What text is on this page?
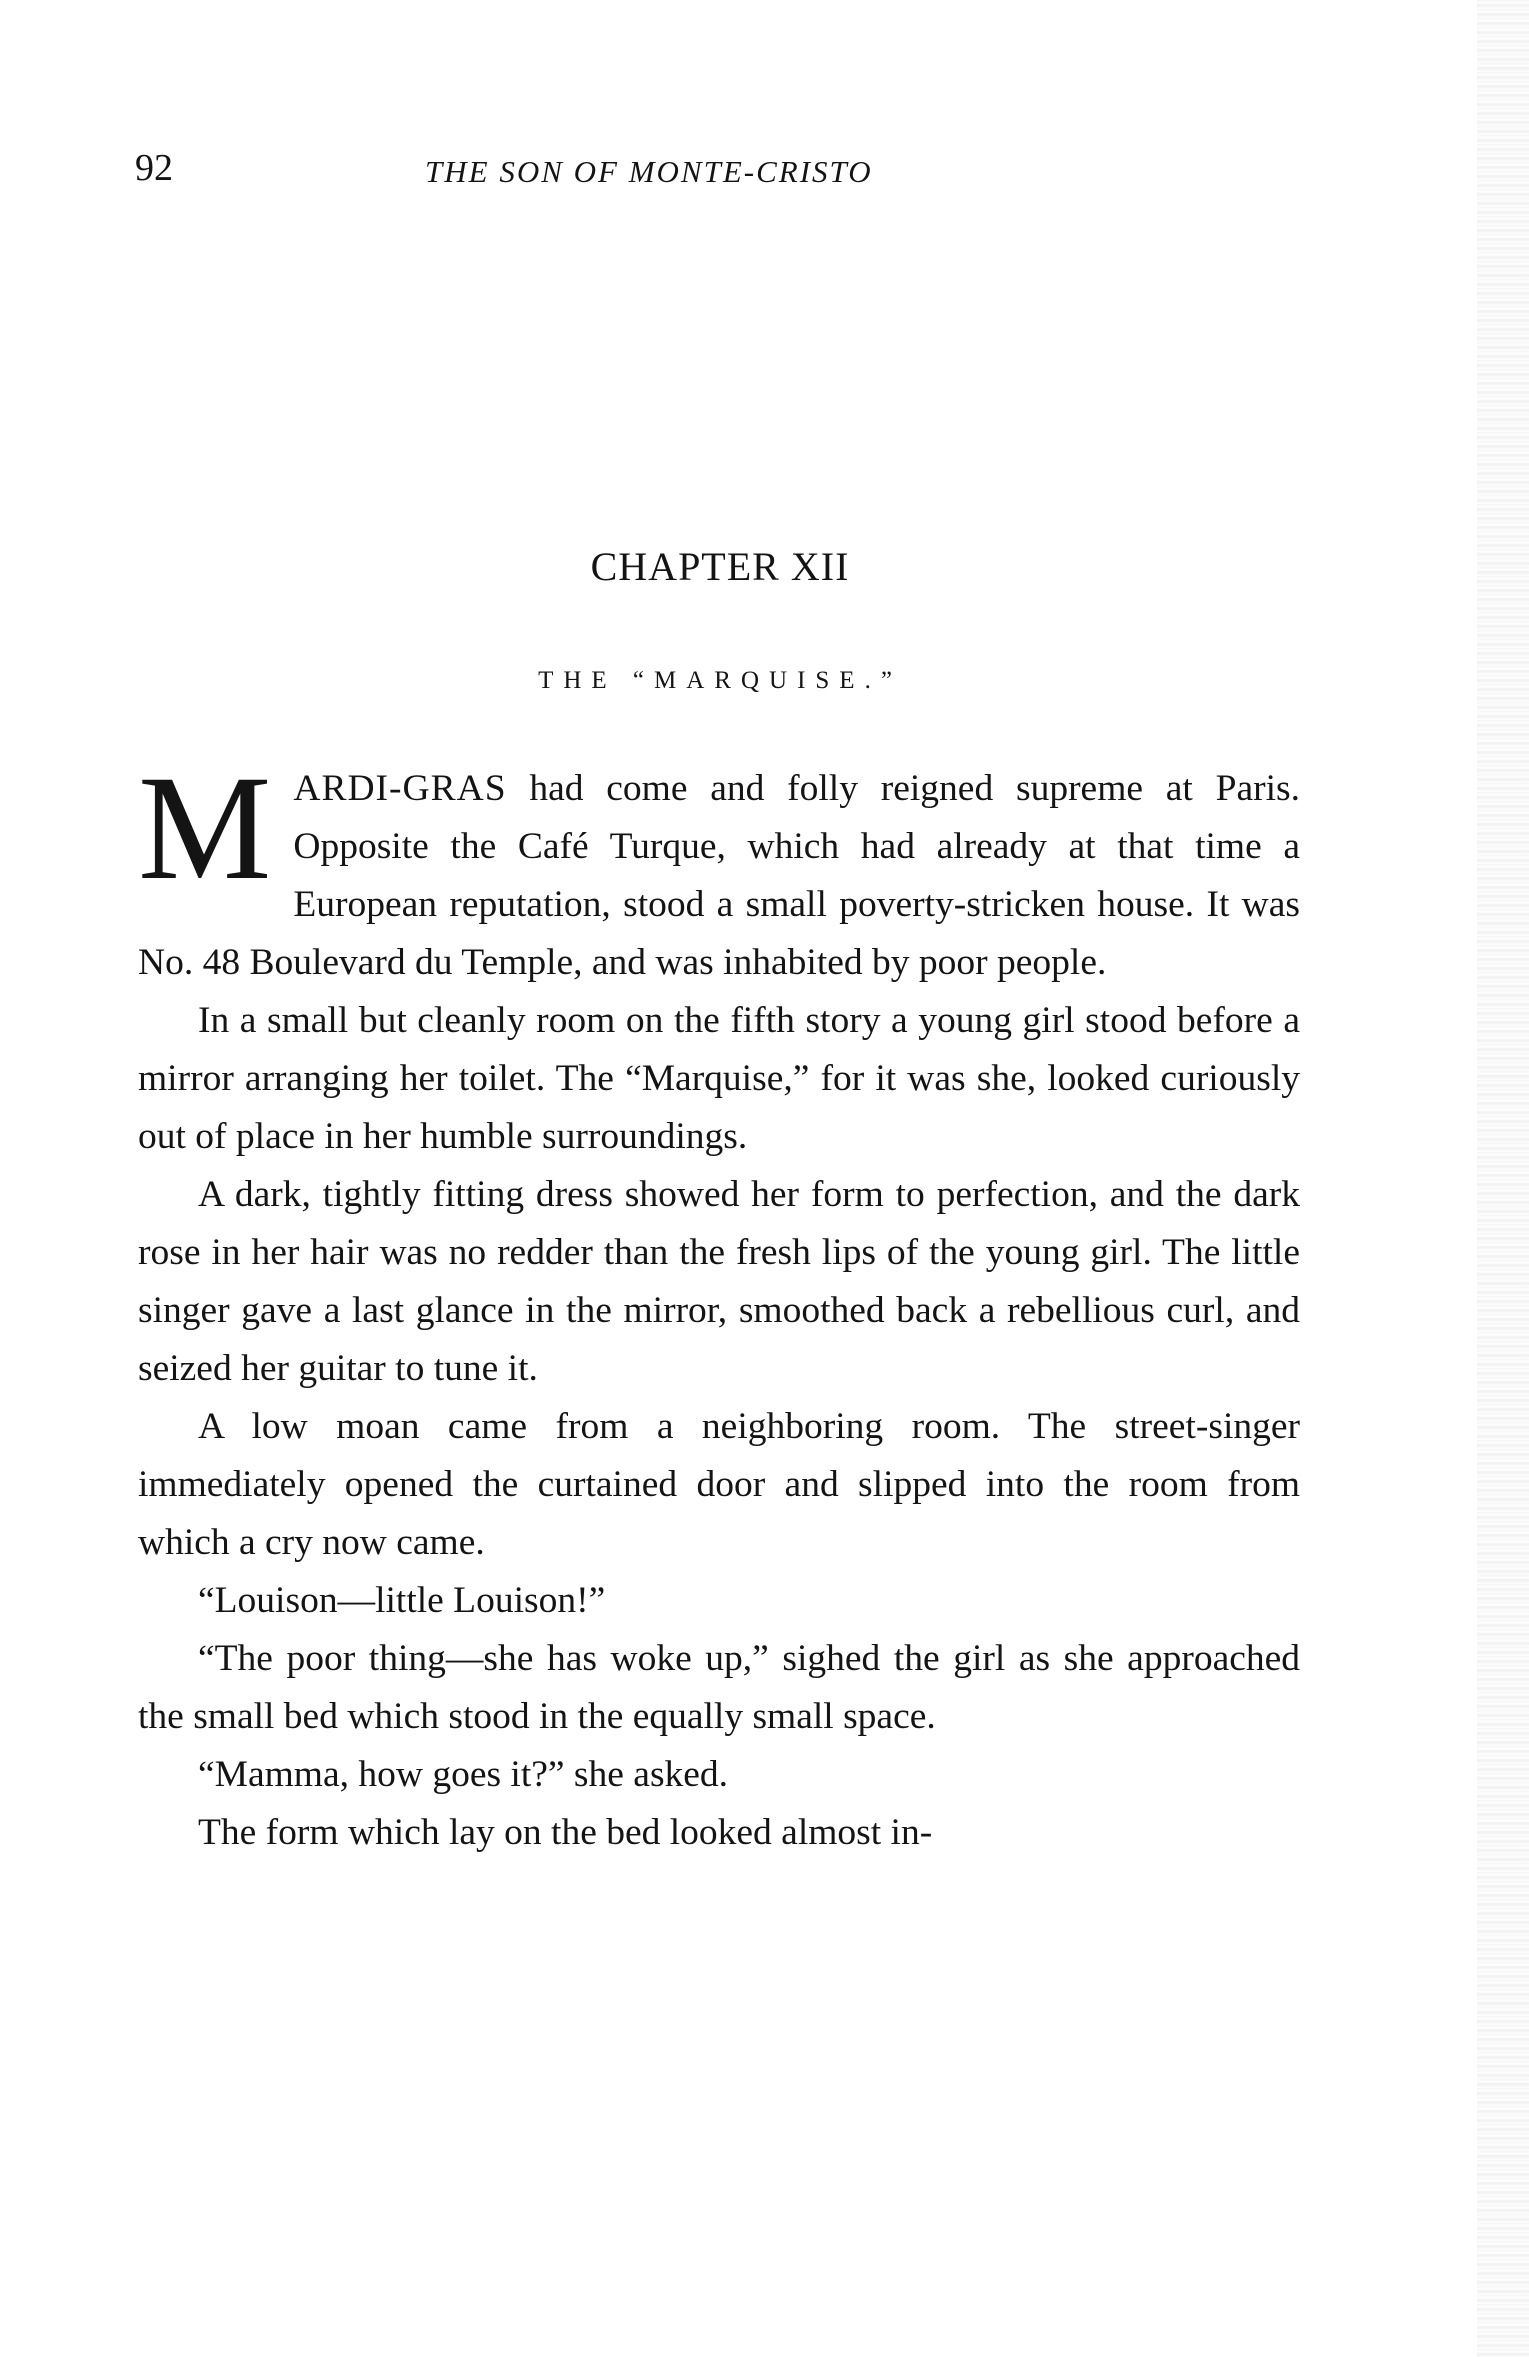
92	THE SON OF MONTE-CRISTO
CHAPTER XII
THE “MARQUISE.”

MARDI-GRAS had come and folly reigned supreme at Paris. Opposite the Café Turque, which had already at that time a European reputation, stood a small poverty-stricken house. It was No. 48 Boulevard du Temple, and was inhabited by poor people.

In a small but cleanly room on the fifth story a young girl stood before a mirror arranging her toilet. The “Marquise,” for it was she, looked curiously out of place in her humble surroundings.

A dark, tightly fitting dress showed her form to perfection, and the dark rose in her hair was no redder than the fresh lips of the young girl. The little singer gave a last glance in the mirror, smoothed back a rebellious curl, and seized her guitar to tune it.

A low moan came from a neighboring room. The street-singer immediately opened the curtained door and slipped into the room from which a cry now came.

“Louison—little Louison!”

“The poor thing—she has woke up,” sighed the girl as she approached the small bed which stood in the equally small space.

“Mamma, how goes it?” she asked.

The form which lay on the bed looked almost in-
